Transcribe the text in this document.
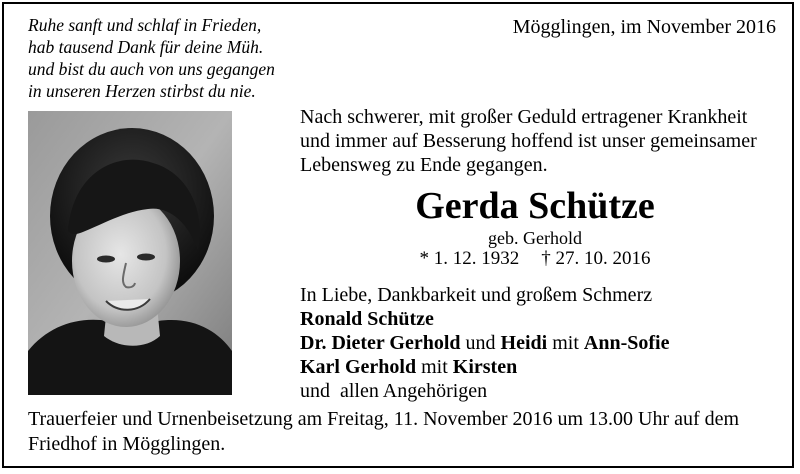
Ruhe sanft und schlaf in Frieden,
hab tausend Dank für deine Müh.
und bist du auch von uns gegangen
in unseren Herzen stirbst du nie.
Mögglingen, im November 2016
Nach schwerer, mit großer Geduld ertragener Krankheit
und immer auf Besserung hoffend ist unser gemeinsamer
Lebensweg zu Ende gegangen.
Gerda Schütze
geb. Gerhold
* 1. 12. 1932 † 27. 10. 2016
In Liebe, Dankbarkeit und großem Schmerz
Ronald Schütze
Dr. Dieter Gerhold und Heidi mit Ann-Sofie
Karl Gerhold mit Kirsten
und  allen Angehörigen
Trauerfeier und Urnenbeisetzung am Freitag, 11. November 2016 um 13.00 Uhr auf dem
Friedhof in Mögglingen.
